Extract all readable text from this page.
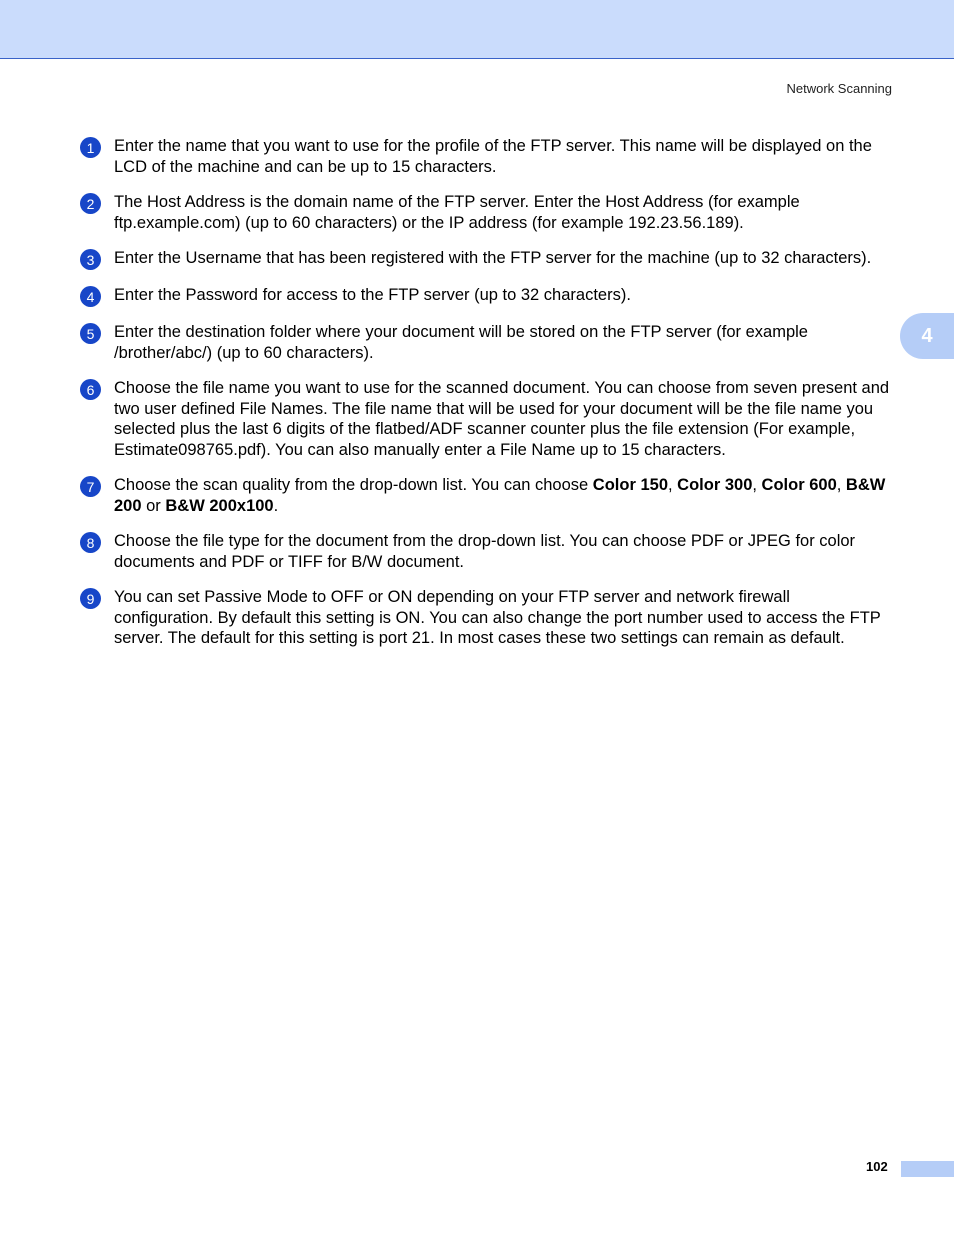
Network Scanning
4
1	Enter the name that you want to use for the profile of the FTP server. This name will be displayed on the LCD of the machine and can be up to 15 characters.
2	The Host Address is the domain name of the FTP server. Enter the Host Address (for example ftp.example.com) (up to 60 characters) or the IP address (for example 192.23.56.189).
3	Enter the Username that has been registered with the FTP server for the machine (up to 32 characters).
4	Enter the Password for access to the FTP server (up to 32 characters).
5	Enter the destination folder where your document will be stored on the FTP server (for example /brother/abc/) (up to 60 characters).
6	Choose the file name you want to use for the scanned document. You can choose from seven present and two user defined File Names. The file name that will be used for your document will be the file name you selected plus the last 6 digits of the flatbed/ADF scanner counter plus the file extension (For example, Estimate098765.pdf). You can also manually enter a File Name up to 15 characters.
7	Choose the scan quality from the drop-down list. You can choose Color 150, Color 300, Color 600, B&W 200 or B&W 200x100.
8	Choose the file type for the document from the drop-down list. You can choose PDF or JPEG for color documents and PDF or TIFF for B/W document.
9	You can set Passive Mode to OFF or ON depending on your FTP server and network firewall configuration. By default this setting is ON. You can also change the port number used to access the FTP server. The default for this setting is port 21. In most cases these two settings can remain as default.
102
